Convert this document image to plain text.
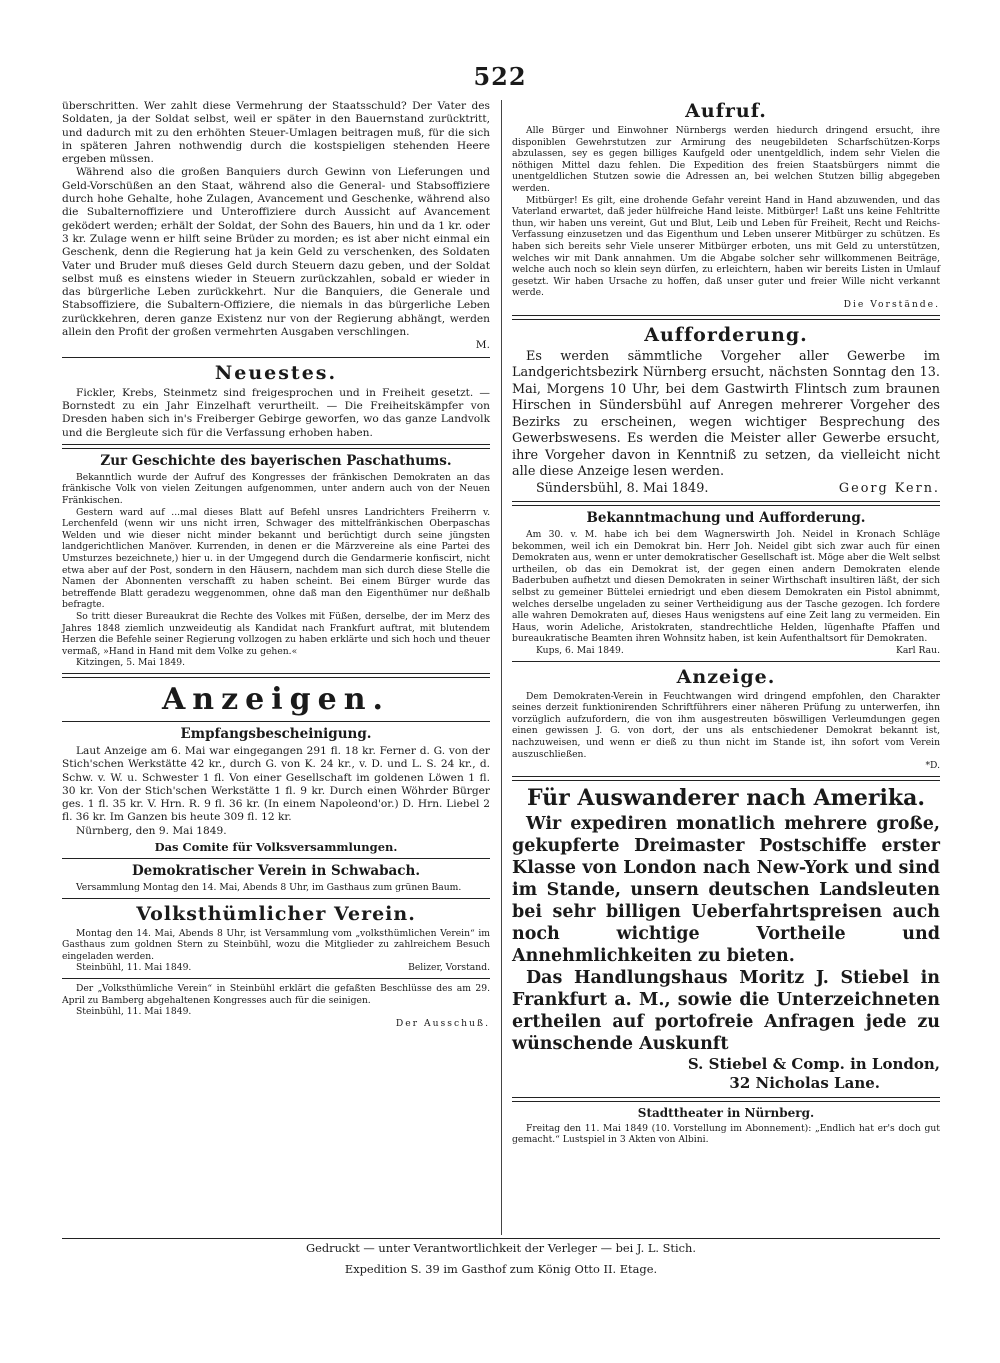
522

überschritten. Wer zahlt diese Vermehrung der Staatsschuld? Der Vater des Soldaten, ja der Soldat selbst, weil er später in den Bauernstand zurücktritt, und dadurch mit zu den erhöhten Steuer-Umlagen beitragen muß, für die sich in späteren Jahren nothwendig durch die kostspieligen stehenden Heere ergeben müssen.

Während also die großen Banquiers durch Gewinn von Lieferungen und Geld-Vorschüßen an den Staat, während also die General- und Stabsoffiziere durch hohe Gehalte, hohe Zulagen, Avancement und Geschenke, während also die Subalternoffiziere und Unteroffiziere durch Aussicht auf Avancement geködert werden; erhält der Soldat, der Sohn des Bauers, hin und da 1 kr. oder 3 kr. Zulage wenn er hilft seine Brüder zu morden; es ist aber nicht einmal ein Geschenk, denn die Regierung hat ja kein Geld zu verschenken, des Soldaten Vater und Bruder muß dieses Geld durch Steuern dazu geben, und der Soldat selbst muß es einstens wieder in Steuern zurückzahlen, sobald er wieder in das bürgerliche Leben zurückkehrt. Nur die Banquiers, die Generale und Stabsoffiziere, die Subaltern-Offiziere, die niemals in das bürgerliche Leben zurückkehren, deren ganze Existenz nur von der Regierung abhängt, werden allein den Profit der großen vermehrten Ausgaben verschlingen.

M.

Neuestes.

Fickler, Krebs, Steinmetz sind freigesprochen und in Freiheit gesetzt. — Bornstedt zu ein Jahr Einzelhaft verurtheilt. — Die Freiheitskämpfer von Dresden haben sich in's Freiberger Gebirge geworfen, wo das ganze Landvolk und die Bergleute sich für die Verfassung erhoben haben.

Zur Geschichte des bayerischen Paschathums.

Bekanntlich wurde der Aufruf des Kongresses der fränkischen Demokraten an das fränkische Volk von vielen Zeitungen aufgenommen, unter andern auch von der Neuen Fränkischen.

Gestern ward auf ...mal dieses Blatt auf Befehl unsres Landrichters Freiherrn v. Lerchenfeld (wenn wir uns nicht irren, Schwager des mittelfränkischen Oberpaschas Welden und wie dieser nicht minder bekannt und berüchtigt durch seine jüngsten landgerichtlichen Manöver. Kurrenden, in denen er die Märzvereine als eine Partei des Umsturzes bezeichnete,) hier u. in der Umgegend durch die Gendarmerie konfiscirt, nicht etwa aber auf der Post, sondern in den Häusern, nachdem man sich durch diese Stelle die Namen der Abonnenten verschafft zu haben scheint. Bei einem Bürger wurde das betreffende Blatt geradezu weggenommen, ohne daß man den Eigenthümer nur deßhalb befragte.

So tritt dieser Bureaukrat die Rechte des Volkes mit Füßen, derselbe, der im Merz des Jahres 1848 ziemlich unzweideutig als Kandidat nach Frankfurt auftrat, mit blutendem Herzen die Befehle seiner Regierung vollzogen zu haben erklärte und sich hoch und theuer vermaß, »Hand in Hand mit dem Volke zu gehen.«

Kitzingen, 5. Mai 1849.

Anzeigen.
Empfangsbescheinigung.

Laut Anzeige am 6. Mai war eingegangen 291 fl. 18 kr. Ferner d. G. von der Stich'schen Werkstätte 42 kr., durch G. von K. 24 kr., v. D. und L. S. 24 kr., d. Schw. v. W. u. Schwester 1 fl. Von einer Gesellschaft im goldenen Löwen 1 fl. 30 kr. Von der Stich'schen Werkstätte 1 fl. 9 kr. Durch einen Wöhrder Bürger ges. 1 fl. 35 kr. V. Hrn. R. 9 fl. 36 kr. (In einem Napoleond'or.) D. Hrn. Liebel 2 fl. 36 kr. Im Ganzen bis heute 309 fl. 12 kr.

Nürnberg, den 9. Mai 1849.

Das Comite für Volksversammlungen.
Demokratischer Verein in Schwabach.

Versammlung Montag den 14. Mai, Abends 8 Uhr, im Gasthaus zum grünen Baum.

Volksthümlicher Verein.

Montag den 14. Mai, Abends 8 Uhr, ist Versammlung vom „volksthümlichen Verein“ im Gasthaus zum goldnen Stern zu Steinbühl, wozu die Mitglieder zu zahlreichem Besuch eingeladen werden.

Steinbühl, 11. Mai 1849.	Belizer, Vorstand.

Der „Volksthümliche Verein“ in Steinbühl erklärt die gefaßten Beschlüsse des am 29. April zu Bamberg abgehaltenen Kongresses auch für die seinigen.

Steinbühl, 11. Mai 1849.

Der Ausschuß.

Aufruf.

Alle Bürger und Einwohner Nürnbergs werden hiedurch dringend ersucht, ihre disponiblen Gewehrstutzen zur Armirung des neugebildeten Scharfschützen-Korps abzulassen, sey es gegen billiges Kaufgeld oder unentgeldlich, indem sehr Vielen die nöthigen Mittel dazu fehlen. Die Expedition des freien Staatsbürgers nimmt die unentgeldlichen Stutzen sowie die Adressen an, bei welchen Stutzen billig abgegeben werden.

Mitbürger! Es gilt, eine drohende Gefahr vereint Hand in Hand abzuwenden, und das Vaterland erwartet, daß jeder hülfreiche Hand leiste. Mitbürger! Laßt uns keine Fehltritte thun, wir haben uns vereint, Gut und Blut, Leib und Leben für Freiheit, Recht und Reichs-Verfassung einzusetzen und das Eigenthum und Leben unserer Mitbürger zu schützen. Es haben sich bereits sehr Viele unserer Mitbürger erboten, uns mit Geld zu unterstützen, welches wir mit Dank annahmen. Um die Abgabe solcher sehr willkommenen Beiträge, welche auch noch so klein seyn dürfen, zu erleichtern, haben wir bereits Listen in Umlauf gesetzt. Wir haben Ursache zu hoffen, daß unser guter und freier Wille nicht verkannt werde.

Die Vorstände.

Aufforderung.

Es werden sämmtliche Vorgeher aller Gewerbe im Landgerichtsbezirk Nürnberg ersucht, nächsten Sonntag den 13. Mai, Morgens 10 Uhr, bei dem Gastwirth Flintsch zum braunen Hirschen in Sündersbühl auf Anregen mehrerer Vorgeher des Bezirks zu erscheinen, wegen wichtiger Besprechung des Gewerbswesens. Es werden die Meister aller Gewerbe ersucht, ihre Vorgeher davon in Kenntniß zu setzen, da vielleicht nicht alle diese Anzeige lesen werden.

Sündersbühl, 8. Mai 1849.	Georg Kern.
Bekanntmachung und Aufforderung.

Am 30. v. M. habe ich bei dem Wagnerswirth Joh. Neidel in Kronach Schläge bekommen, weil ich ein Demokrat bin. Herr Joh. Neidel gibt sich zwar auch für einen Demokraten aus, wenn er unter demokratischer Gesellschaft ist. Möge aber die Welt selbst urtheilen, ob das ein Demokrat ist, der gegen einen andern Demokraten elende Baderbuben aufhetzt und diesen Demokraten in seiner Wirthschaft insultiren läßt, der sich selbst zu gemeiner Büttelei erniedrigt und eben diesem Demokraten ein Pistol abnimmt, welches derselbe ungeladen zu seiner Vertheidigung aus der Tasche gezogen. Ich fordere alle wahren Demokraten auf, dieses Haus wenigstens auf eine Zeit lang zu vermeiden. Ein Haus, worin Adeliche, Aristokraten, standrechtliche Helden, lügenhafte Pfaffen und bureaukratische Beamten ihren Wohnsitz haben, ist kein Aufenthaltsort für Demokraten.

Kups, 6. Mai 1849.	Karl Rau.
Anzeige.

Dem Demokraten-Verein in Feuchtwangen wird dringend empfohlen, den Charakter seines derzeit funktionirenden Schriftführers einer näheren Prüfung zu unterwerfen, ihn vorzüglich aufzufordern, die von ihm ausgestreuten böswilligen Verleumdungen gegen einen gewissen J. G. von dort, der uns als entschiedener Demokrat bekannt ist, nachzuweisen, und wenn er dieß zu thun nicht im Stande ist, ihn sofort vom Verein auszuschließen.

*D.

Für Auswanderer nach Amerika.

Wir expediren monatlich mehrere große, gekupferte Dreimaster Postschiffe erster Klasse von London nach New-York und sind im Stande, unsern deutschen Landsleuten bei sehr billigen Ueberfahrtspreisen auch noch wichtige Vortheile und Annehmlichkeiten zu bieten.

Das Handlungshaus Moritz J. Stiebel in Frankfurt a. M., sowie die Unterzeichneten ertheilen auf portofreie Anfragen jede zu wünschende Auskunft

S. Stiebel & Comp. in London,

32 Nicholas Lane.

Stadttheater in Nürnberg.

Freitag den 11. Mai 1849 (10. Vorstellung im Abonnement): „Endlich hat er's doch gut gemacht.“ Lustspiel in 3 Akten von Albini.

Gedruckt — unter Verantwortlichkeit der Verleger — bei J. L. Stich.
Expedition S. 39 im Gasthof zum König Otto II. Etage.
